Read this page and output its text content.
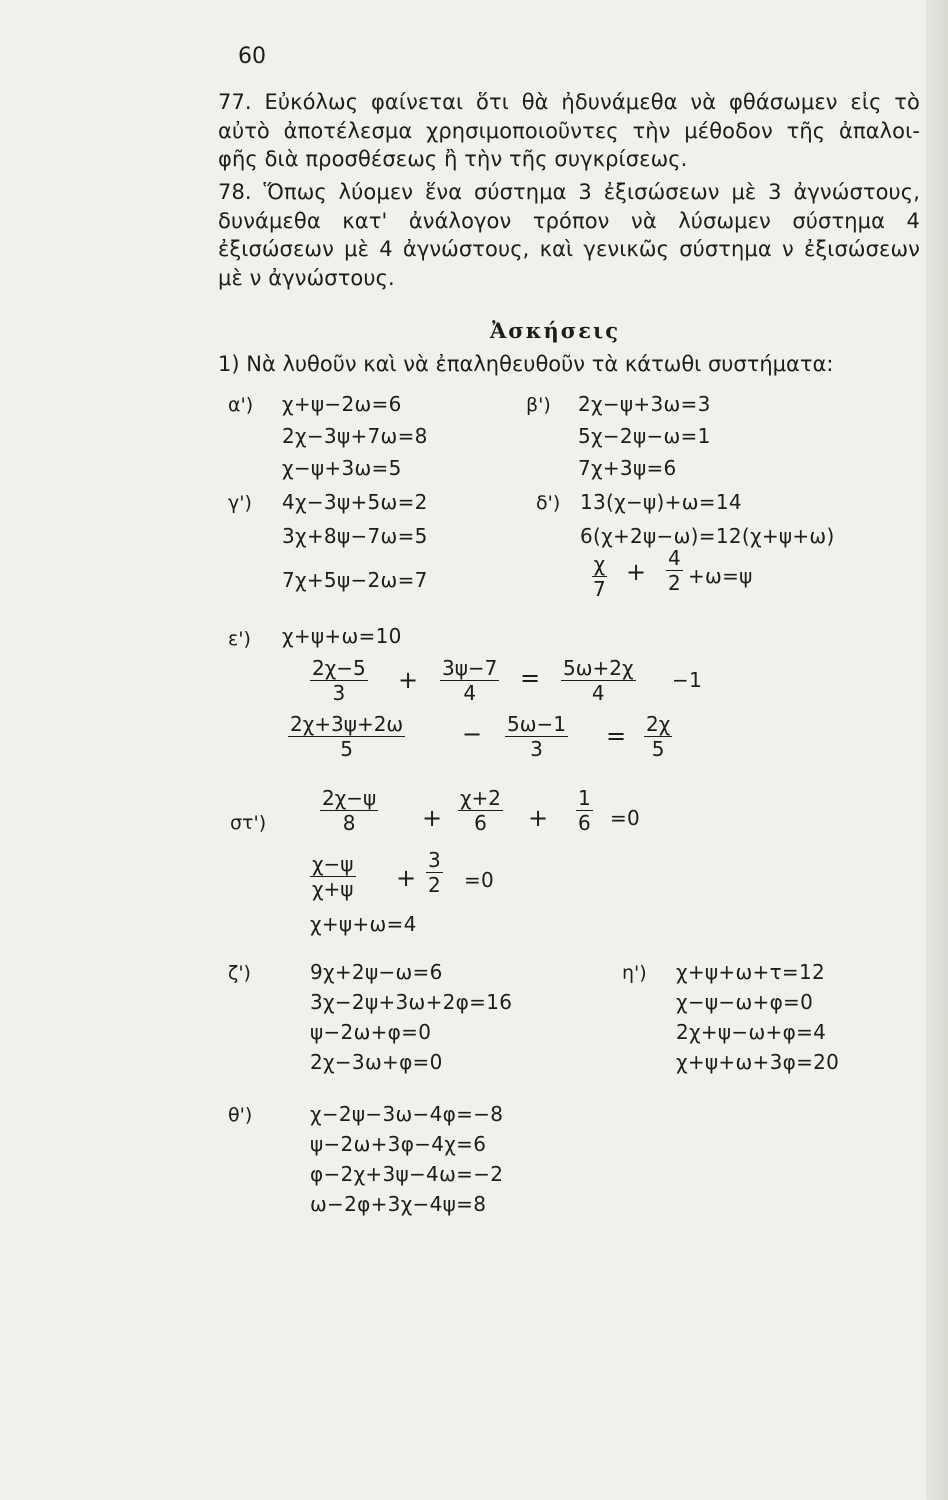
60
77. Εὐκόλως φαίνεται ὅτι θὰ ἠδυνάμεθα νὰ φθάσωμεν εἰς τὸ
αὐτὸ ἀποτέλεσμα χρησιμοποιοῦντες τὴν μέθοδον τῆς ἀπαλοι-
φῆς διὰ προσθέσεως ἢ τὴν τῆς συγκρίσεως.
78. Ὅπως λύομεν ἕνα σύστημα 3 ἐξισώσεων μὲ 3 ἀγνώστους,
δυνάμεθα κατ' ἀνάλογον τρόπον νὰ λύσωμεν σύστημα 4
ἐξισώσεων μὲ 4 ἀγνώστους, καὶ γενικῶς σύστημα ν ἐξισώσεων
μὲ ν ἀγνώστους.
Ἀσκήσεις
1) Νὰ λυθοῦν καὶ νὰ ἐπαληθευθοῦν τὰ κάτωθι συστήματα:
α') χ+ψ−2ω=6
2χ−3ψ+7ω=8
χ−ψ+3ω=5
β') 2χ−ψ+3ω=3
5χ−2ψ−ω=1
7χ+3ψ=6
γ') 4χ−3ψ+5ω=2
3χ+8ψ−7ω=5
7χ+5ψ−2ω=7
δ') 13(χ−ψ)+ω=14
6(χ+2ψ−ω)=12(χ+ψ+ω)
$\frac{\chi}{7} + \frac{4}{2} +\omega=\psi$
ε') χ+ψ+ω=10
$\frac{2\chi-5}{3} + \frac{3\psi-7}{4} = \frac{5\omega+2\chi}{4} -1$
$\frac{2\chi+3\psi+2\omega}{5} - \frac{5\omega-1}{3} = \frac{2\chi}{5}$
στ')	$\frac{2\chi-\psi}{8} + \frac{\chi+2}{6} + \frac{1}{6} =0$
$\frac{\chi-\psi}{\chi+\psi} + \frac{3}{2} =0$
χ+ψ+ω=4
ζ')	9χ+2ψ−ω=6
3χ−2ψ+3ω+2φ=16
ψ−2ω+φ=0
2χ−3ω+φ=0
η') χ+ψ+ω+τ=12
χ−ψ−ω+φ=0
2χ+ψ−ω+φ=4
χ+ψ+ω+3φ=20
θ')	χ−2ψ−3ω−4φ=−8
ψ−2ω+3φ−4χ=6
φ−2χ+3ψ−4ω=−2
ω−2φ+3χ−4ψ=8
